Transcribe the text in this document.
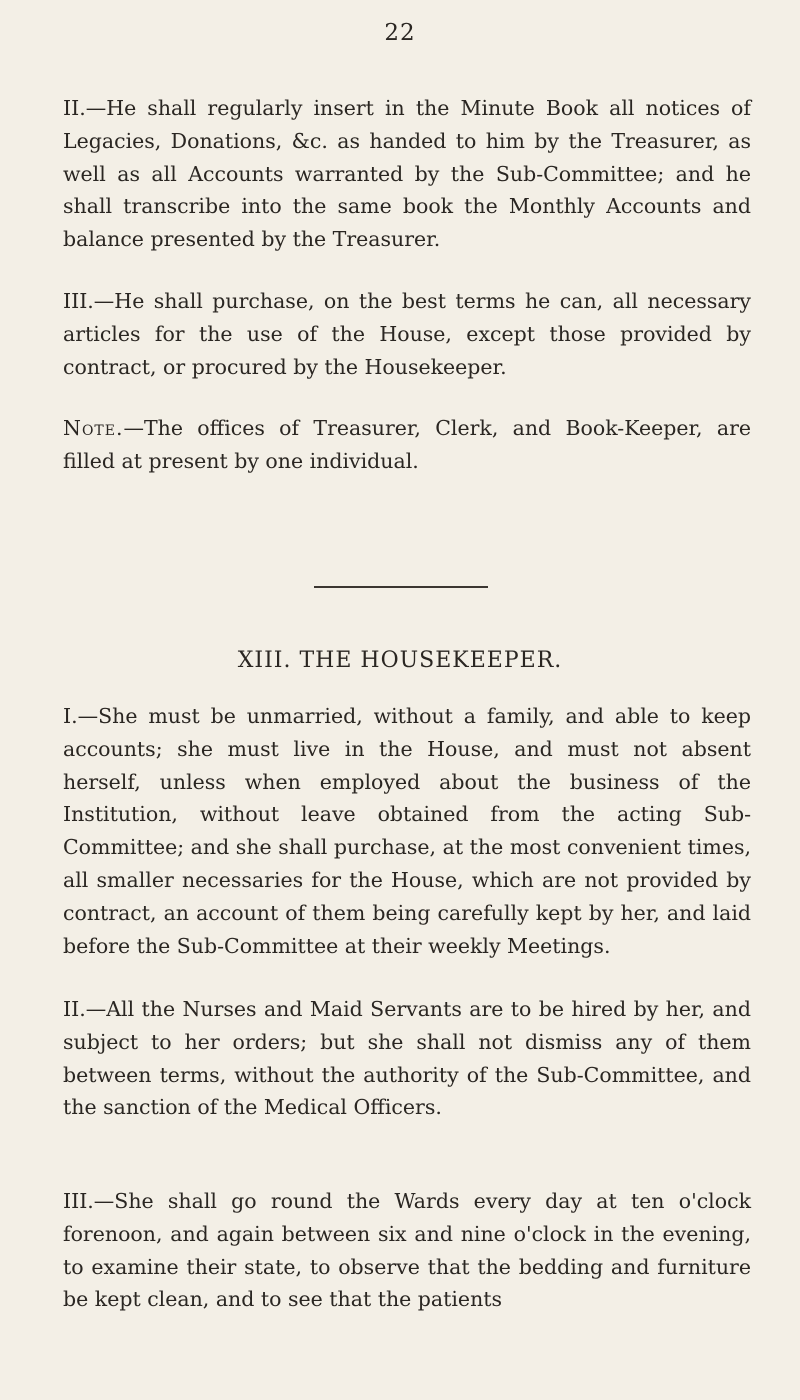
22

II.—He shall regularly insert in the Minute Book all notices of Legacies, Donations, &c. as handed to him by the Treasurer, as well as all Accounts warranted by the Sub-Committee; and he shall transcribe into the same book the Monthly Accounts and balance presented by the Treasurer.

III.—He shall purchase, on the best terms he can, all necessary articles for the use of the House, except those provided by contract, or procured by the Housekeeper.

Note.—The offices of Treasurer, Clerk, and Book-Keeper, are filled at present by one individual.

XIII. THE HOUSEKEEPER.

I.—She must be unmarried, without a family, and able to keep accounts; she must live in the House, and must not absent herself, unless when employed about the business of the Institution, without leave obtained from the acting Sub-Committee; and she shall purchase, at the most convenient times, all smaller necessaries for the House, which are not provided by contract, an account of them being carefully kept by her, and laid before the Sub-Committee at their weekly Meetings.

II.—All the Nurses and Maid Servants are to be hired by her, and subject to her orders; but she shall not dismiss any of them between terms, without the authority of the Sub-Committee, and the sanction of the Medical Officers.

III.—She shall go round the Wards every day at ten o'clock forenoon, and again between six and nine o'clock in the evening, to examine their state, to observe that the bedding and furniture be kept clean, and to see that the patients
